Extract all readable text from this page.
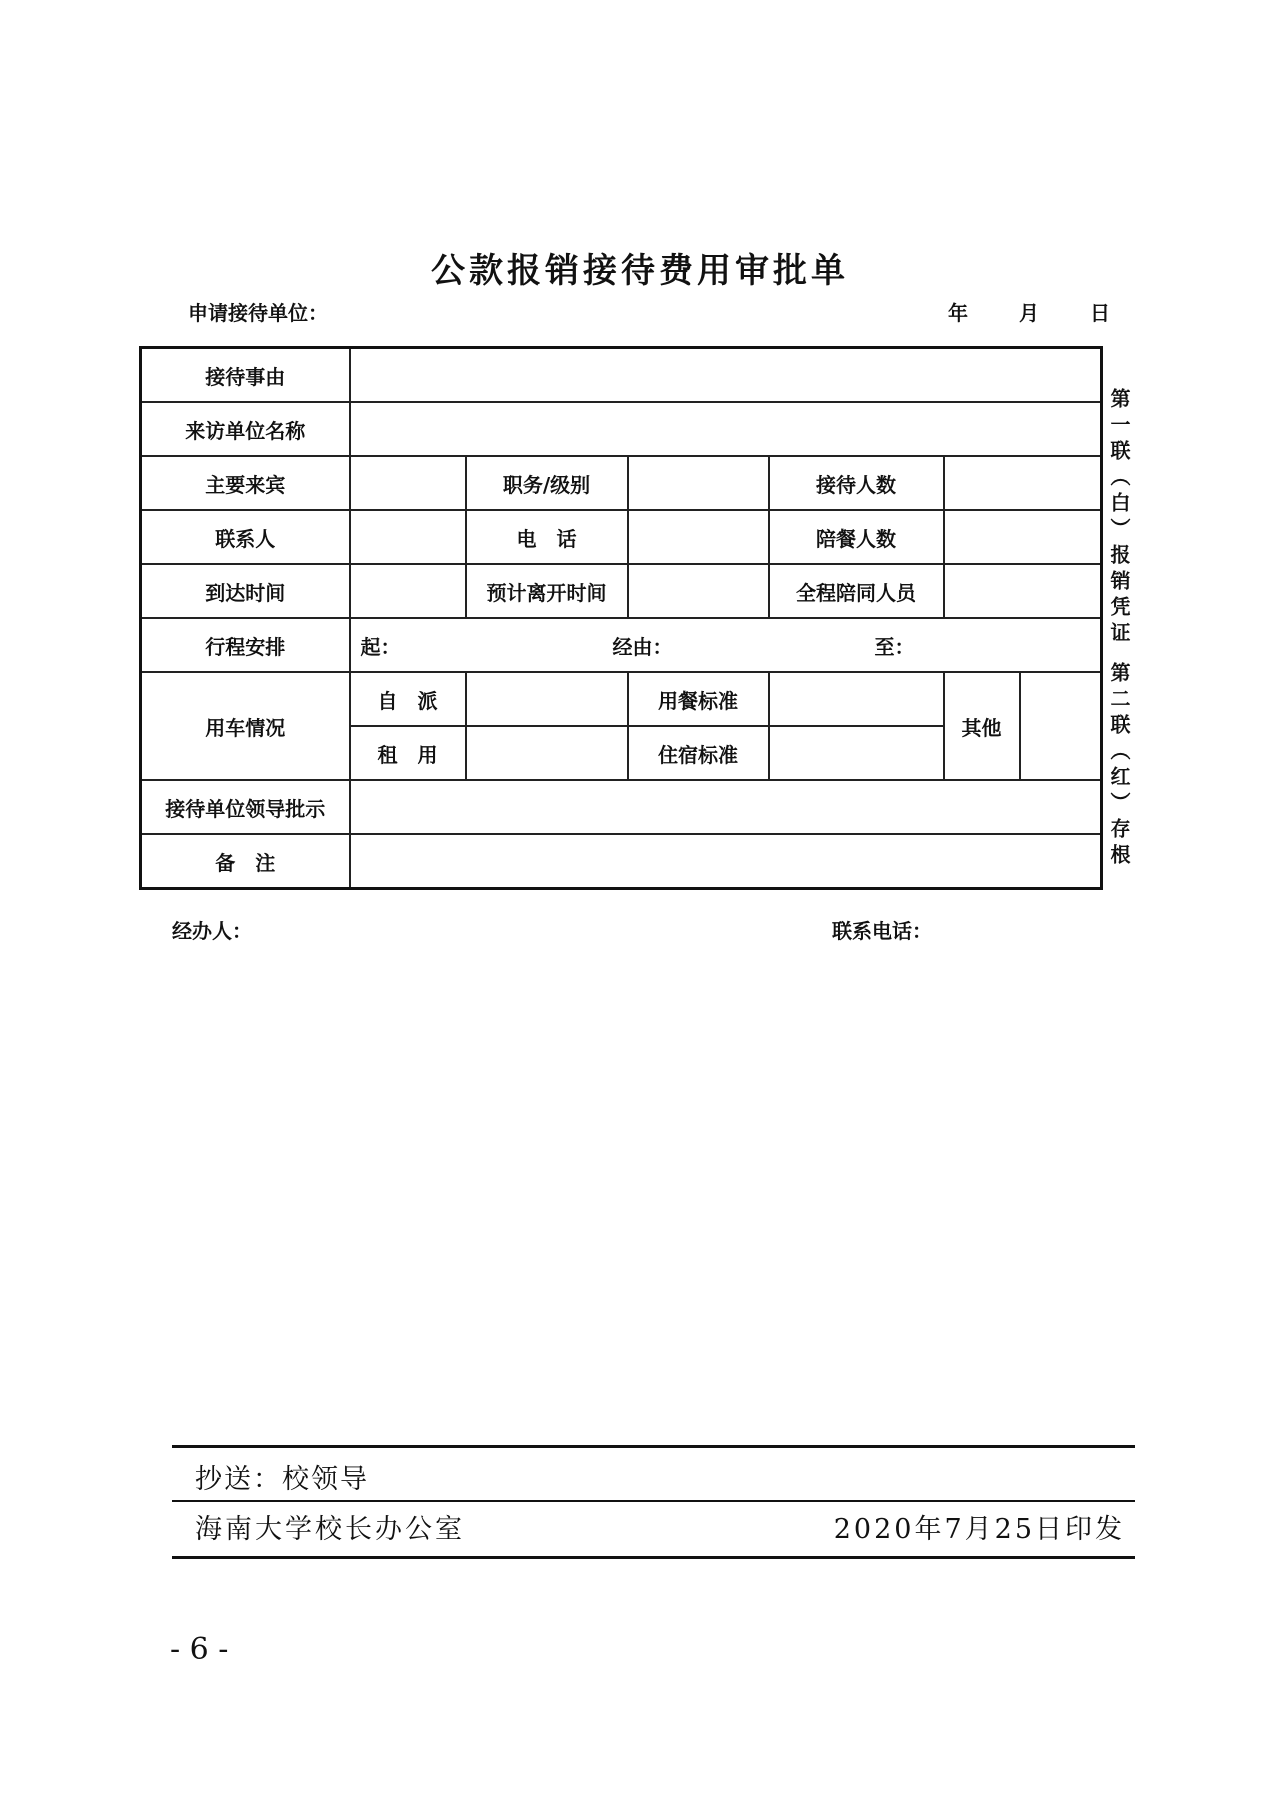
公款报销接待费用审批单
申请接待单位：	年	月	日
接待事由						
来访单位名称						
主要来宾		职务/级别		接待人数		
联系人		电　话		陪餐人数		
到达时间		预计离开时间		全程陪同人员		
行程安排	起： 经由： 至：					

用车情况	自　派		用餐标准		其他	
	租　用		住宿标准			
接待单位领导批示						
备　注						
第一联（白）报销凭证
第二联（红）存根
经办人：	联系电话：
抄送：校领导
海南大学校长办公室	2020年7月25日印发
- 6 -
